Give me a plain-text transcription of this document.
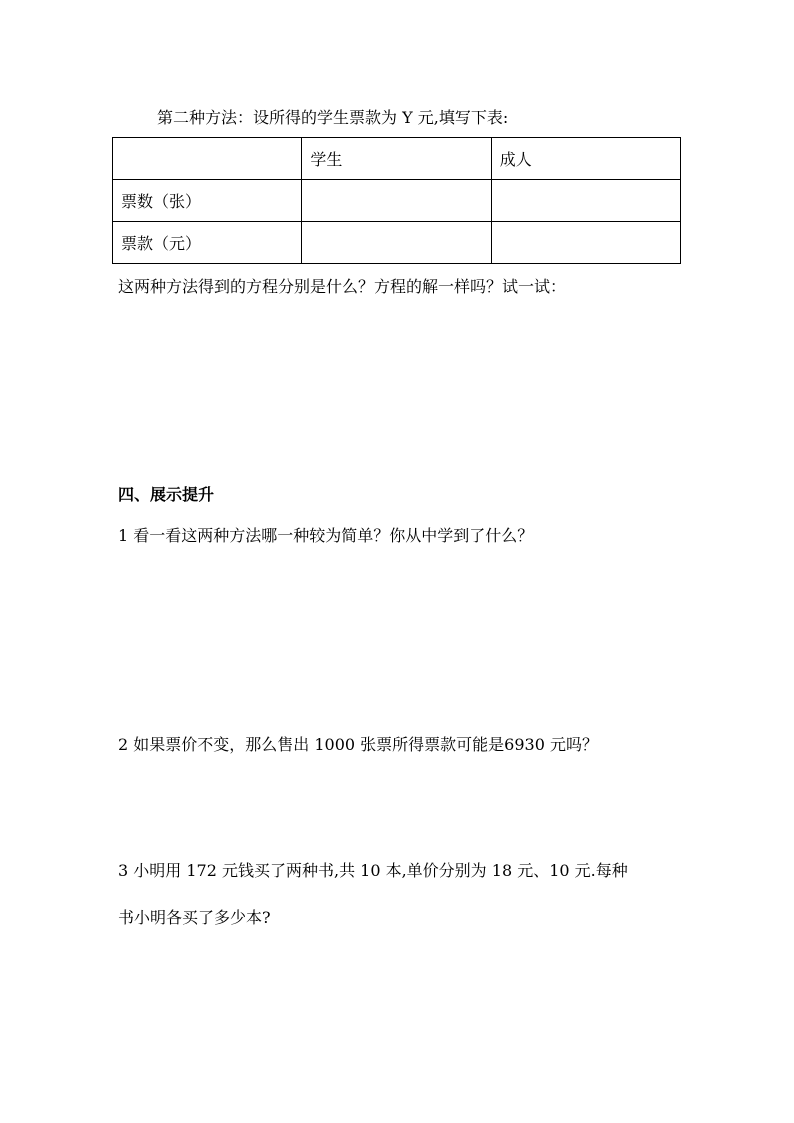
第二种方法：设所得的学生票款为 Y 元,填写下表:
	学生	成人
票数（张）		
票款（元）		
这两种方法得到的方程分别是什么？方程的解一样吗？试一试：
四、展示提升
1 看一看这两种方法哪一种较为简单？你从中学到了什么？
2 如果票价不变，那么售出 1000 张票所得票款可能是6930 元吗？
3 小明用 172 元钱买了两种书,共 10 本,单价分别为 18 元、10 元.每种
书小明各买了多少本?
